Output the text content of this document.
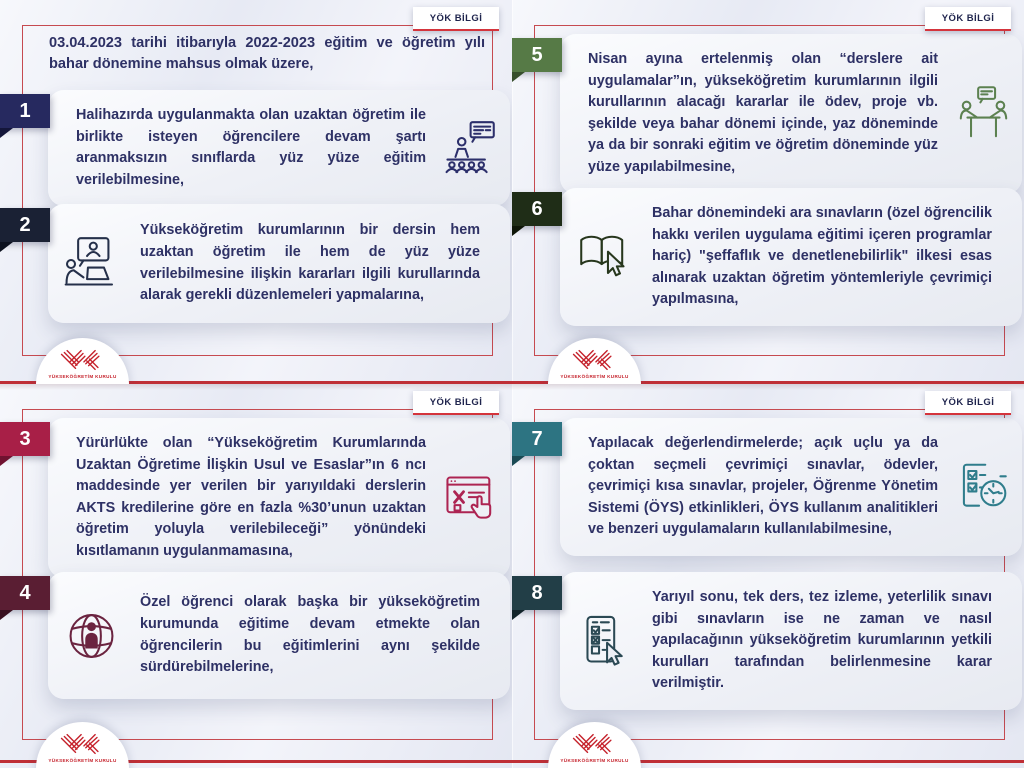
YÖK BİLGİ

03.04.2023 tarihi itibarıyla 2022-2023 eğitim ve öğretim yılı bahar dönemine mahsus olmak üzere,

1	Halihazırda uygulanmakta olan uzaktan öğretim ile birlikte isteyen öğrencilere devam şartı aranmaksızın sınıflarda yüz yüze eğitim verilebilmesine,

2	Yükseköğretim kurumlarının bir dersin hem uzaktan öğretim ile hem de yüz yüze verilebilmesine ilişkin kararları ilgili kurullarında alarak gerekli düzenlemeleri yapmalarına,

YÜKSEKÖĞRETİM KURULU
YÖK BİLGİ
5	Nisan ayına ertelenmiş olan “derslere ait uygulamalar”ın, yükseköğretim kurumlarının ilgili kurullarının alacağı kararlar ile ödev, proje vb. şekilde veya bahar dönemi içinde, yaz döneminde ya da bir sonraki eğitim ve öğretim döneminde yüz yüze yapılabilmesine,

6	Bahar dönemindeki ara sınavların (özel öğrencilik hakkı verilen uygulama eğitimi içeren programlar hariç) "şeffaflık ve denetlenebilirlik" ilkesi esas alınarak uzaktan öğretim yöntemleriyle çevrimiçi yapılmasına,

YÜKSEKÖĞRETİM KURULU
YÖK BİLGİ
3	Yürürlükte olan “Yükseköğretim Kurumlarında Uzaktan Öğretime İlişkin Usul ve Esaslar”ın 6 ncı maddesinde yer verilen bir yarıyıldaki derslerin AKTS kredilerine göre en fazla %30’unun uzaktan öğretim yoluyla verilebileceği” yönündeki kısıtlamanın uygulanmamasına,

4	Özel öğrenci olarak başka bir yükseköğretim kurumunda eğitime devam etmekte olan öğrencilerin bu eğitimlerini aynı şekilde sürdürebilmelerine,

YÜKSEKÖĞRETİM KURULU
YÖK BİLGİ
7	Yapılacak değerlendirmelerde; açık uçlu ya da çoktan seçmeli çevrimiçi sınavlar, ödevler, çevrimiçi kısa sınavlar, projeler, Öğrenme Yönetim Sistemi (ÖYS) etkinlikleri, ÖYS kullanım analitikleri ve benzeri uygulamaların kullanılabilmesine,

8	Yarıyıl sonu, tek ders, tez izleme, yeterlilik sınavı gibi sınavların ise ne zaman ve nasıl yapılacağının yükseköğretim kurumlarının yetkili kurulları tarafından belirlenmesine karar verilmiştir.

YÜKSEKÖĞRETİM KURULU
